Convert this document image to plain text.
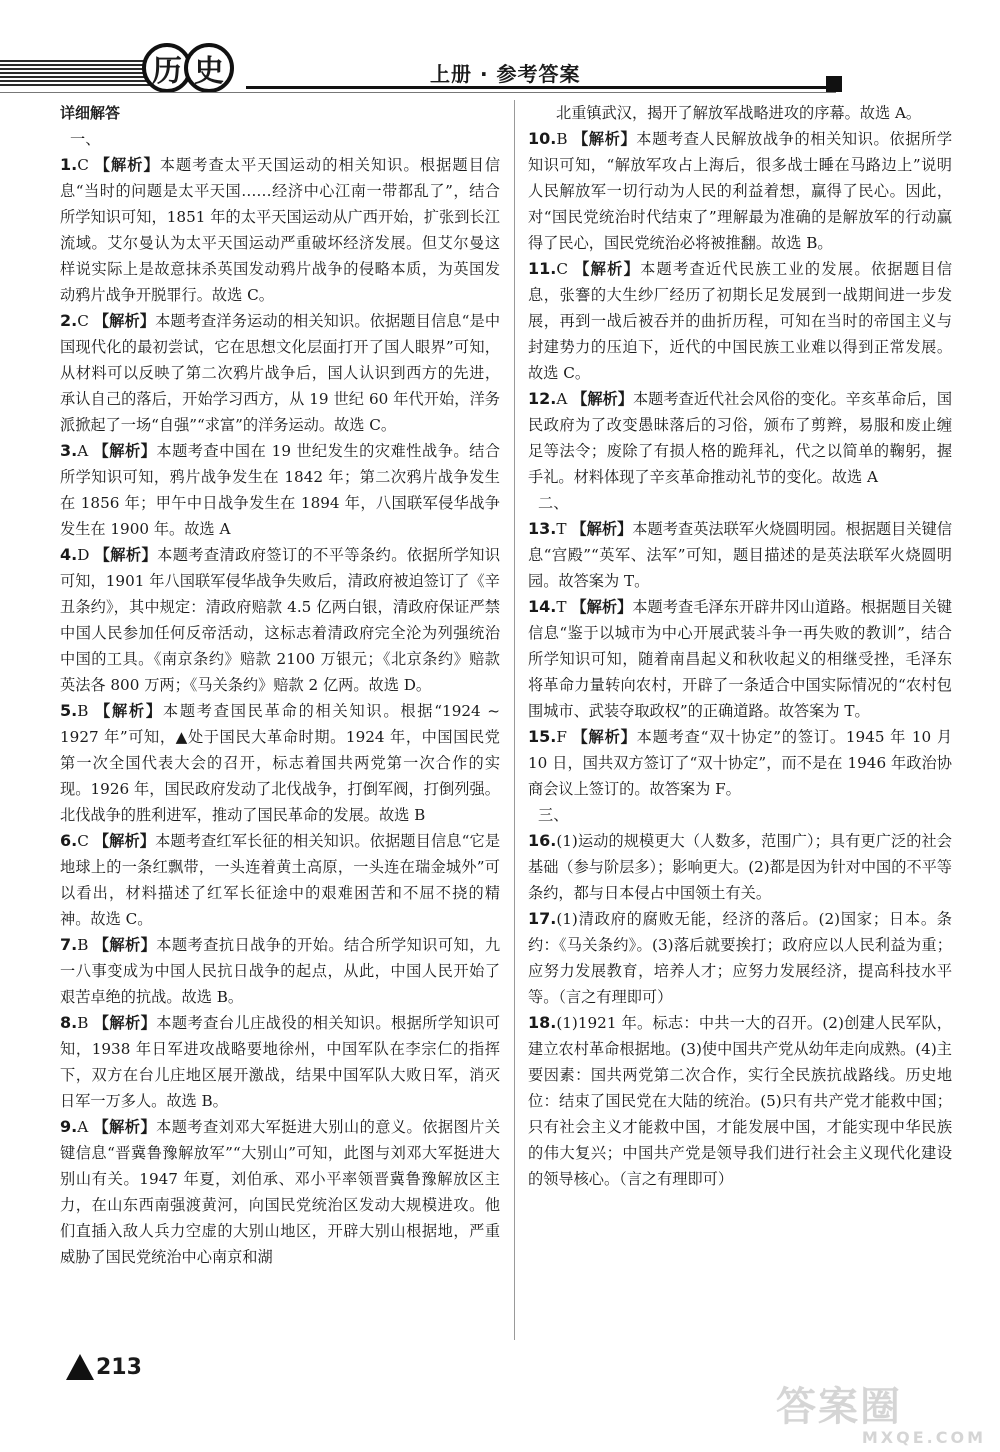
历 史	上册 · 参考答案
详细解答
一、
1.C 【解析】本题考查太平天国运动的相关知识。根据题目信息“当时的问题是太平天国……经济中心江南一带都乱了”，结合所学知识可知，1851 年的太平天国运动从广西开始，扩张到长江流域。艾尔曼认为太平天国运动严重破坏经济发展。但艾尔曼这样说实际上是故意抹杀英国发动鸦片战争的侵略本质，为英国发动鸦片战争开脱罪行。故选 C。
2.C 【解析】本题考查洋务运动的相关知识。依据题目信息“是中国现代化的最初尝试，它在思想文化层面打开了国人眼界”可知，从材料可以反映了第二次鸦片战争后，国人认识到西方的先进，承认自己的落后，开始学习西方，从 19 世纪 60 年代开始，洋务派掀起了一场“自强”“求富”的洋务运动。故选 C。
3.A 【解析】本题考查中国在 19 世纪发生的灾难性战争。结合所学知识可知，鸦片战争发生在 1842 年；第二次鸦片战争发生在 1856 年；甲午中日战争发生在 1894 年，八国联军侵华战争发生在 1900 年。故选 A
4.D 【解析】本题考查清政府签订的不平等条约。依据所学知识可知，1901 年八国联军侵华战争失败后，清政府被迫签订了《辛丑条约》，其中规定：清政府赔款 4.5 亿两白银，清政府保证严禁中国人民参加任何反帝活动，这标志着清政府完全沦为列强统治中国的工具。《南京条约》赔款 2100 万银元；《北京条约》赔款英法各 800 万两；《马关条约》赔款 2 亿两。故选 D。
5.B 【解析】本题考查国民革命的相关知识。根据“1924 ~ 1927 年”可知，▲处于国民大革命时期。1924 年，中国国民党第一次全国代表大会的召开，标志着国共两党第一次合作的实现。1926 年，国民政府发动了北伐战争，打倒军阀，打倒列强。北伐战争的胜利进军，推动了国民革命的发展。故选 B
6.C 【解析】本题考查红军长征的相关知识。依据题目信息“它是地球上的一条红飘带，一头连着黄土高原，一头连在瑞金城外”可以看出，材料描述了红军长征途中的艰难困苦和不屈不挠的精神。故选 C。
7.B 【解析】本题考查抗日战争的开始。结合所学知识可知，九一八事变成为中国人民抗日战争的起点，从此，中国人民开始了艰苦卓绝的抗战。故选 B。
8.B 【解析】本题考查台儿庄战役的相关知识。根据所学知识可知，1938 年日军进攻战略要地徐州，中国军队在李宗仁的指挥下，双方在台儿庄地区展开激战，结果中国军队大败日军，消灭日军一万多人。故选 B。
9.A 【解析】本题考查刘邓大军挺进大别山的意义。依据图片关键信息“晋冀鲁豫解放军”“大别山”可知，此图与刘邓大军挺进大别山有关。1947 年夏，刘伯承、邓小平率领晋冀鲁豫解放区主力，在山东西南强渡黄河，向国民党统治区发动大规模进攻。他们直插入敌人兵力空虚的大别山地区，开辟大别山根据地，严重威胁了国民党统治中心南京和湖
北重镇武汉，揭开了解放军战略进攻的序幕。故选 A。
10.B 【解析】本题考查人民解放战争的相关知识。依据所学知识可知，“解放军攻占上海后，很多战士睡在马路边上”说明人民解放军一切行动为人民的利益着想，赢得了民心。因此，对“国民党统治时代结束了”理解最为准确的是解放军的行动赢得了民心，国民党统治必将被推翻。故选 B。
11.C 【解析】本题考查近代民族工业的发展。依据题目信息，张謇的大生纱厂经历了初期长足发展到一战期间进一步发展，再到一战后被吞并的曲折历程，可知在当时的帝国主义与封建势力的压迫下，近代的中国民族工业难以得到正常发展。故选 C。
12.A 【解析】本题考查近代社会风俗的变化。辛亥革命后，国民政府为了改变愚昧落后的习俗，颁布了剪辫，易服和废止缠足等法令；废除了有损人格的跪拜礼，代之以简单的鞠躬，握手礼。材料体现了辛亥革命推动礼节的变化。故选 A
二、
13.T 【解析】本题考查英法联军火烧圆明园。根据题目关键信息“宫殿”“英军、法军”可知，题目描述的是英法联军火烧圆明园。故答案为 T。
14.T 【解析】本题考查毛泽东开辟井冈山道路。根据题目关键信息“鉴于以城市为中心开展武装斗争一再失败的教训”，结合所学知识可知，随着南昌起义和秋收起义的相继受挫，毛泽东将革命力量转向农村，开辟了一条适合中国实际情况的“农村包围城市、武装夺取政权”的正确道路。故答案为 T。
15.F 【解析】本题考查“双十协定”的签订。1945 年 10 月 10 日，国共双方签订了“双十协定”，而不是在 1946 年政治协商会议上签订的。故答案为 F。
三、
16.(1)运动的规模更大（人数多，范围广）；具有更广泛的社会基础（参与阶层多）；影响更大。(2)都是因为针对中国的不平等条约，都与日本侵占中国领土有关。
17.(1)清政府的腐败无能，经济的落后。(2)国家；日本。条约：《马关条约》。(3)落后就要挨打；政府应以人民利益为重；应努力发展教育，培养人才；应努力发展经济，提高科技水平等。（言之有理即可）
18.(1)1921 年。标志：中共一大的召开。(2)创建人民军队，建立农村革命根据地。(3)使中国共产党从幼年走向成熟。(4)主要因素：国共两党第二次合作，实行全民族抗战路线。历史地位：结束了国民党在大陆的统治。(5)只有共产党才能救中国；只有社会主义才能救中国，才能发展中国，才能实现中华民族的伟大复兴；中国共产党是领导我们进行社会主义现代化建设的领导核心。（言之有理即可）
213
答案圈
MXQE.COM
